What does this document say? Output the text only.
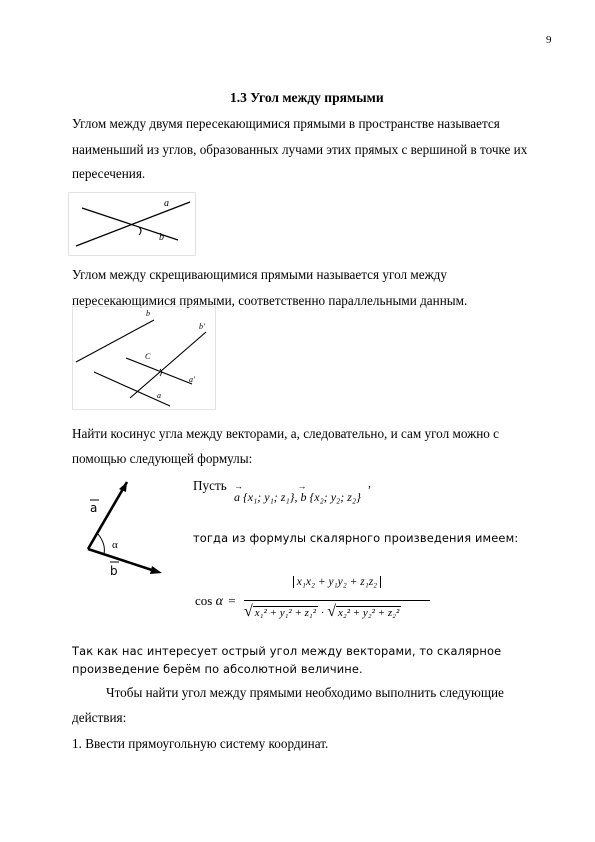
9
1.3 Угол между прямыми
Углом между двумя пересекающимися прямыми в пространстве называется
наименьший из углов, образованных лучами этих прямых с вершиной в точке их
пересечения.
a
b
Углом между скрещивающимися прямыми называется угол между
пересекающимися прямыми, соответственно параллельными данным.
b
b'
C
a'
a
Найти косинус угла между векторами, а, следовательно, и сам угол можно с
помощью следующей формулы:
a
α
b
Пусть →
a {x₁; y₁; z₁},
→
b {x₂; y₂; z₂}
,
тогда из формулы скалярного произведения имеем:
cos α =
x₁x₂ + y₁y₂ + z₁z₂
√ x₁² + y₁² + z₁² · √ x₂² + y₂² + z₂²
Так как нас интересует острый угол между векторами, то скалярное
произведение берём по абсолютной величине.
Чтобы найти угол между прямыми необходимо выполнить следующие
действия:
1. Ввести прямоугольную систему координат.
